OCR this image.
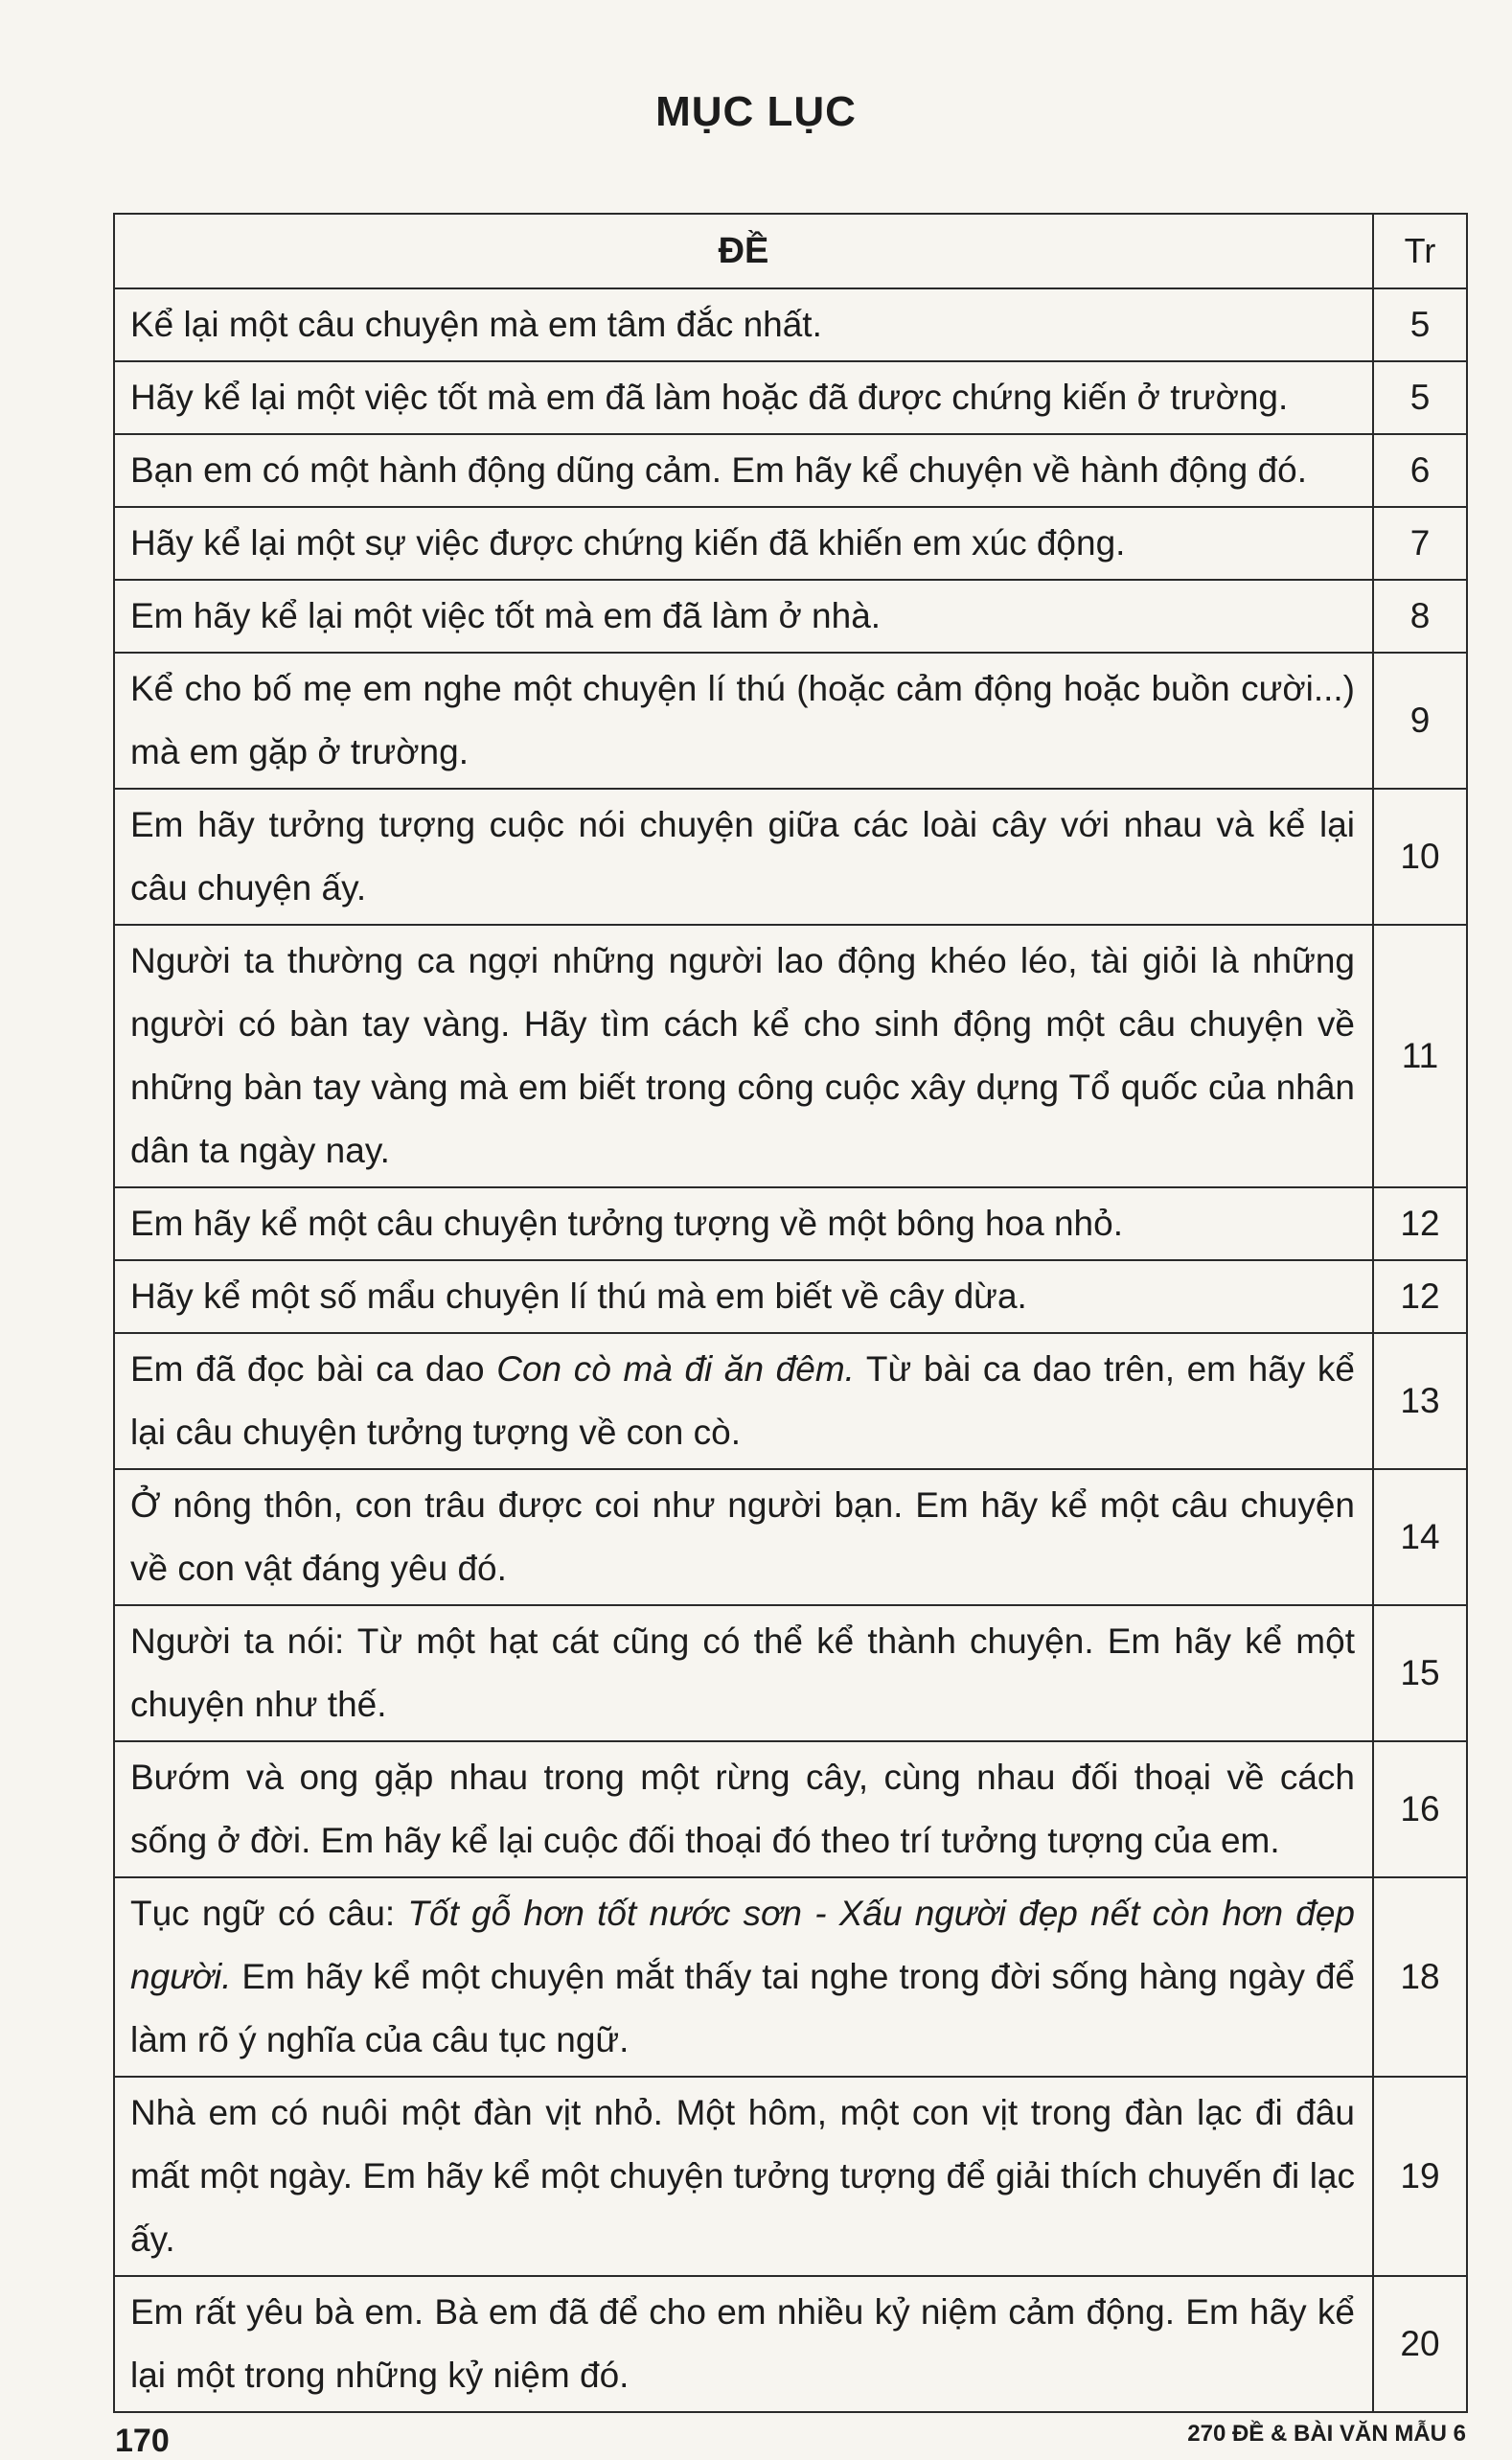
MỤC LỤC
ĐỀ	Tr
Kể lại một câu chuyện mà em tâm đắc nhất.	5
Hãy kể lại một việc tốt mà em đã làm hoặc đã được chứng kiến ở trường.	5
Bạn em có một hành động dũng cảm. Em hãy kể chuyện về hành động đó.	6
Hãy kể lại một sự việc được chứng kiến đã khiến em xúc động.	7
Em hãy kể lại một việc tốt mà em đã làm ở nhà.	8
Kể cho bố mẹ em nghe một chuyện lí thú (hoặc cảm động hoặc buồn cười...) mà em gặp ở trường.	9
Em hãy tưởng tượng cuộc nói chuyện giữa các loài cây với nhau và kể lại câu chuyện ấy.	10
Người ta thường ca ngợi những người lao động khéo léo, tài giỏi là những người có bàn tay vàng. Hãy tìm cách kể cho sinh động một câu chuyện về những bàn tay vàng mà em biết trong công cuộc xây dựng Tổ quốc của nhân dân ta ngày nay.	11
Em hãy kể một câu chuyện tưởng tượng về một bông hoa nhỏ.	12
Hãy kể một số mẩu chuyện lí thú mà em biết về cây dừa.	12
Em đã đọc bài ca dao Con cò mà đi ăn đêm. Từ bài ca dao trên, em hãy kể lại câu chuyện tưởng tượng về con cò.	13
Ở nông thôn, con trâu được coi như người bạn. Em hãy kể một câu chuyện về con vật đáng yêu đó.	14
Người ta nói: Từ một hạt cát cũng có thể kể thành chuyện. Em hãy kể một chuyện như thế.	15
Bướm và ong gặp nhau trong một rừng cây, cùng nhau đối thoại về cách sống ở đời. Em hãy kể lại cuộc đối thoại đó theo trí tưởng tượng của em.	16
Tục ngữ có câu: Tốt gỗ hơn tốt nước sơn - Xấu người đẹp nết còn hơn đẹp người. Em hãy kể một chuyện mắt thấy tai nghe trong đời sống hàng ngày để làm rõ ý nghĩa của câu tục ngữ.	18
Nhà em có nuôi một đàn vịt nhỏ. Một hôm, một con vịt trong đàn lạc đi đâu mất một ngày. Em hãy kể một chuyện tưởng tượng để giải thích chuyến đi lạc ấy.	19
Em rất yêu bà em. Bà em đã để cho em nhiều kỷ niệm cảm động. Em hãy kể lại một trong những kỷ niệm đó.	20
170	270 ĐỀ & BÀI VĂN MẪU 6
